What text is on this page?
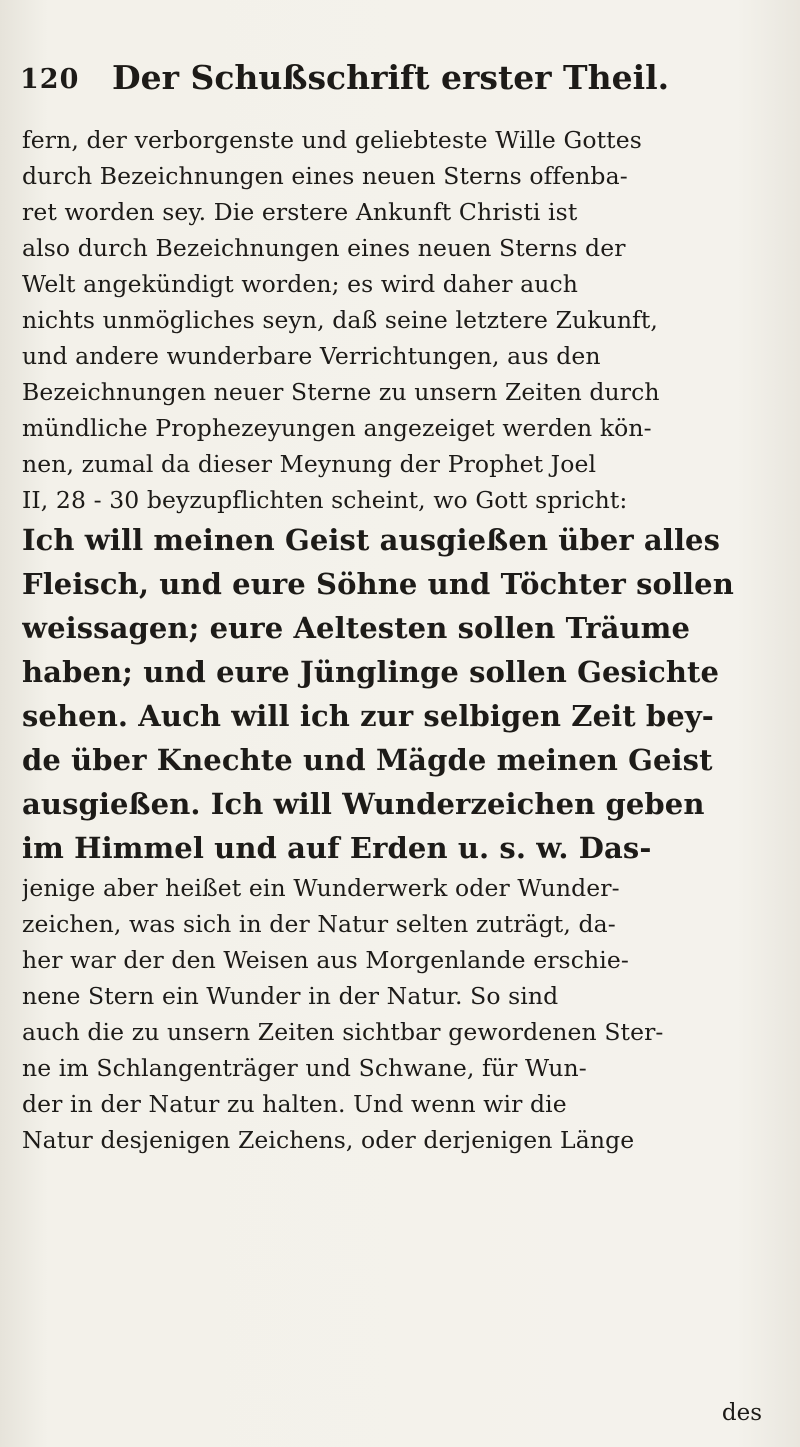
120 Der Schußschrift erster Theil.
fern, der verborgenste und geliebteste Wille Gottes
durch Bezeichnungen eines neuen Sterns offenba-
ret worden sey. Die erstere Ankunft Christi ist
also durch Bezeichnungen eines neuen Sterns der
Welt angekündigt worden; es wird daher auch
nichts unmögliches seyn, daß seine letztere Zukunft,
und andere wunderbare Verrichtungen, aus den
Bezeichnungen neuer Sterne zu unsern Zeiten durch
mündliche Prophezeyungen angezeiget werden kön-
nen, zumal da dieser Meynung der Prophet Joel
II, 28 - 30 beyzupflichten scheint, wo Gott spricht:
Ich will meinen Geist ausgießen über alles
Fleisch, und eure Söhne und Töchter sollen
weissagen; eure Aeltesten sollen Träume
haben; und eure Jünglinge sollen Gesichte
sehen. Auch will ich zur selbigen Zeit bey-
de über Knechte und Mägde meinen Geist
ausgießen. Ich will Wunderzeichen geben
im Himmel und auf Erden u. s. w. Das-
jenige aber heißet ein Wunderwerk oder Wunder-
zeichen, was sich in der Natur selten zuträgt, da-
her war der den Weisen aus Morgenlande erschie-
nene Stern ein Wunder in der Natur. So sind
auch die zu unsern Zeiten sichtbar gewordenen Ster-
ne im Schlangenträger und Schwane, für Wun-
der in der Natur zu halten. Und wenn wir die
Natur desjenigen Zeichens, oder derjenigen Länge
des
